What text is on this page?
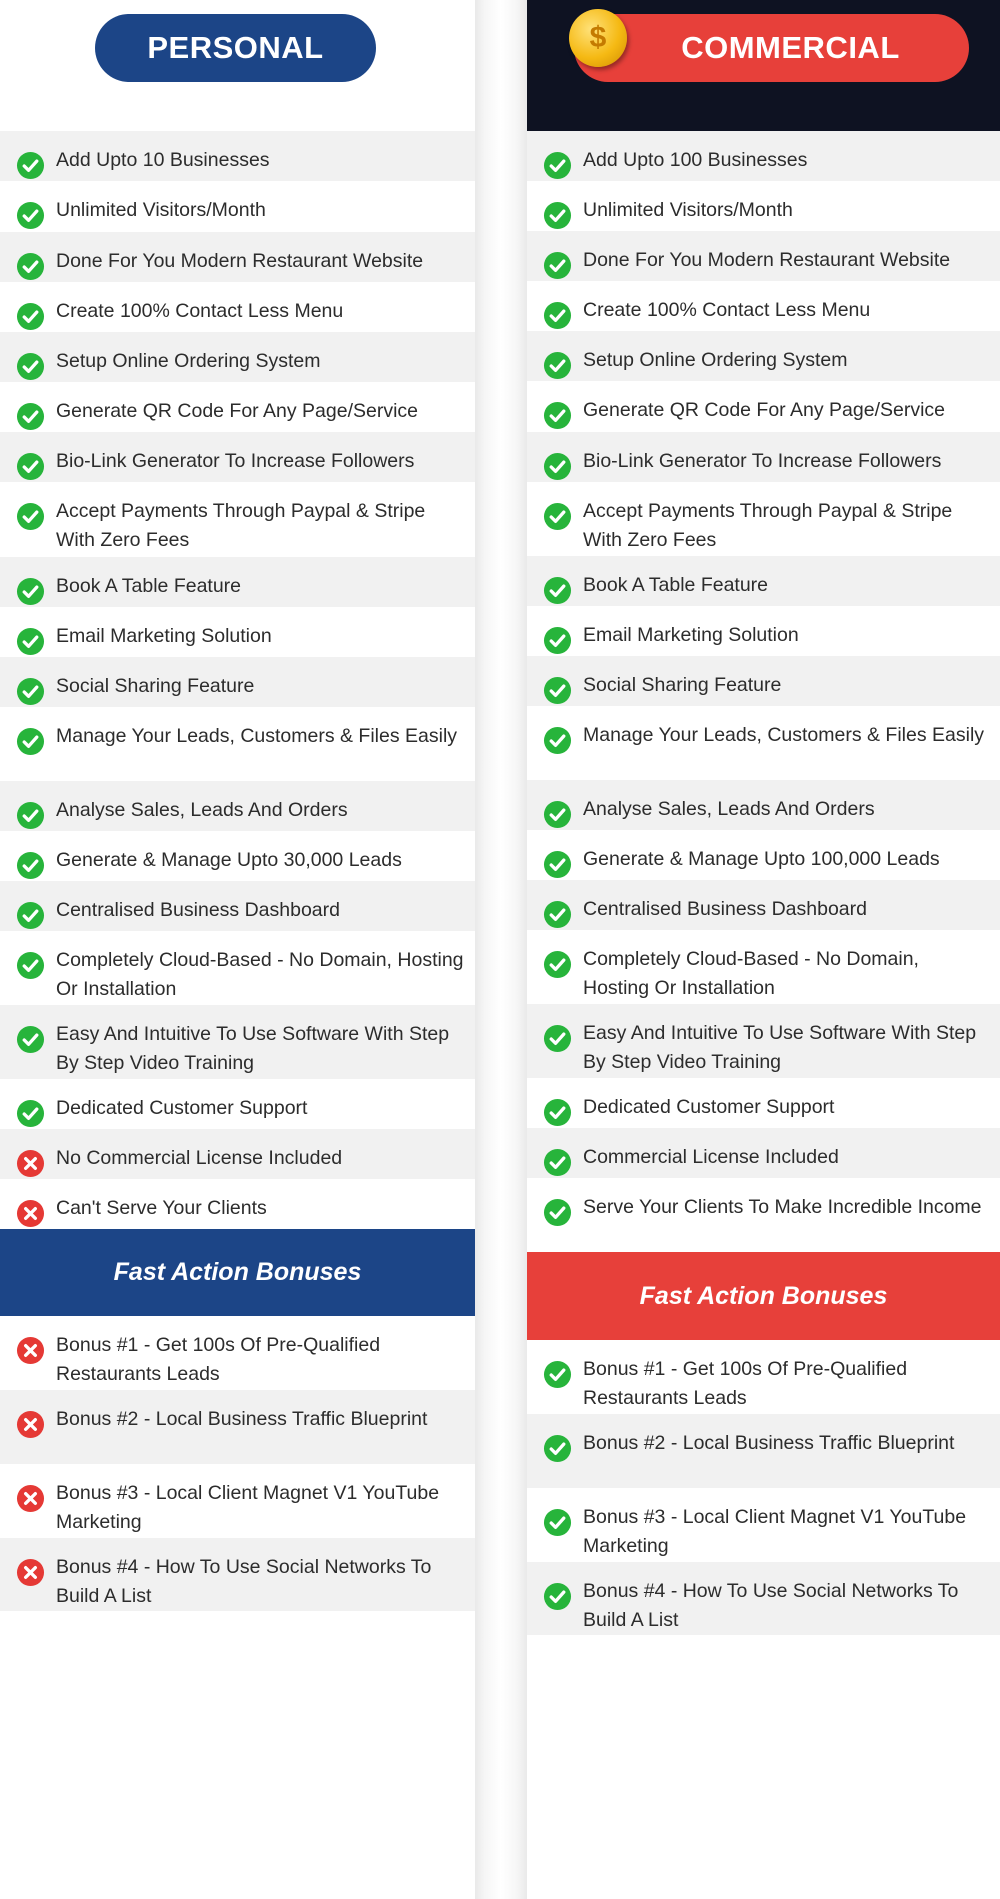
PERSONAL
Add Upto 10 Businesses
Unlimited Visitors/Month
Done For You Modern Restaurant Website
Create 100% Contact Less Menu
Setup Online Ordering System
Generate QR Code For Any Page/Service
Bio-Link Generator To Increase Followers
Accept Payments Through Paypal & Stripe With Zero Fees
Book A Table Feature
Email Marketing Solution
Social Sharing Feature
Manage Your Leads, Customers & Files Easily
Analyse Sales, Leads And Orders
Generate & Manage Upto 30,000 Leads
Centralised Business Dashboard
Completely Cloud-Based - No Domain, Hosting Or Installation
Easy And Intuitive To Use Software With Step By Step Video Training
Dedicated Customer Support
No Commercial License Included
Can't Serve Your Clients
Fast Action Bonuses
Bonus #1 - Get 100s Of Pre-Qualified Restaurants Leads
Bonus #2 - Local Business Traffic Blueprint
Bonus #3 - Local Client Magnet V1 YouTube Marketing
Bonus #4 - How To Use Social Networks To Build A List
COMMERCIAL
$
Add Upto 100 Businesses
Unlimited Visitors/Month
Done For You Modern Restaurant Website
Create 100% Contact Less Menu
Setup Online Ordering System
Generate QR Code For Any Page/Service
Bio-Link Generator To Increase Followers
Accept Payments Through Paypal & Stripe With Zero Fees
Book A Table Feature
Email Marketing Solution
Social Sharing Feature
Manage Your Leads, Customers & Files Easily
Analyse Sales, Leads And Orders
Generate & Manage Upto 100,000 Leads
Centralised Business Dashboard
Completely Cloud-Based - No Domain, Hosting Or Installation
Easy And Intuitive To Use Software With Step By Step Video Training
Dedicated Customer Support
Commercial License Included
Serve Your Clients To Make Incredible Income
Fast Action Bonuses
Bonus #1 - Get 100s Of Pre-Qualified Restaurants Leads
Bonus #2 - Local Business Traffic Blueprint
Bonus #3 - Local Client Magnet V1 YouTube Marketing
Bonus #4 - How To Use Social Networks To Build A List
